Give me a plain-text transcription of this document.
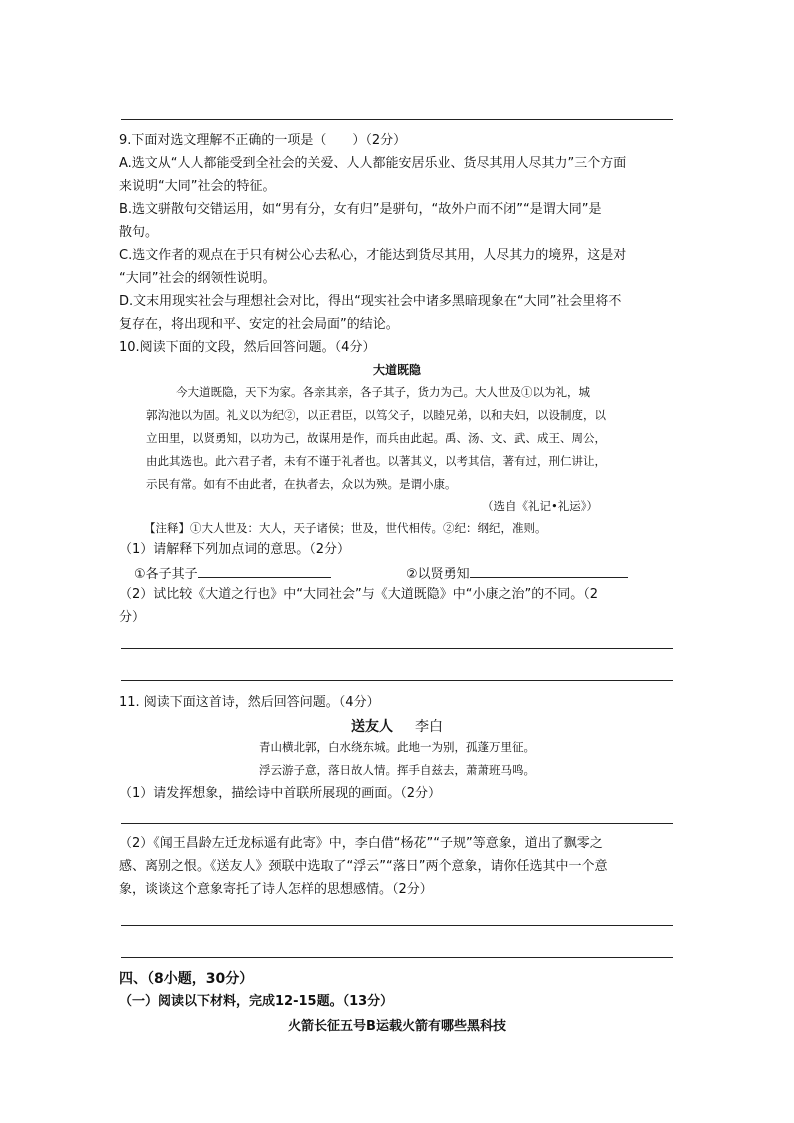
9.下面对选文理解不正确的一项是（　　）（2分）
A.选文从“人人都能受到全社会的关爱、人人都能安居乐业、货尽其用人尽其力”三个方面
来说明“大同”社会的特征。
B.选文骈散句交错运用，如“男有分，女有归”是骈句，“故外户而不闭”“是谓大同”是
散句。
C.选文作者的观点在于只有树公心去私心，才能达到货尽其用，人尽其力的境界，这是对
“大同”社会的纲领性说明。
D.文末用现实社会与理想社会对比，得出“现实社会中诸多黑暗现象在“大同”社会里将不
复存在，将出现和平、安定的社会局面”的结论。
10.阅读下面的文段，然后回答问题。（4分）
大道既隐
今大道既隐，天下为家。各亲其亲，各子其子，货力为己。大人世及①以为礼，城
郭沟池以为固。礼义以为纪②，以正君臣，以笃父子，以睦兄弟，以和夫妇，以设制度，以
立田里，以贤勇知，以功为己，故谋用是作，而兵由此起。禹、汤、文、武、成王、周公，
由此其选也。此六君子者，未有不谨于礼者也。以著其义，以考其信，著有过，刑仁讲让，
示民有常。如有不由此者，在执者去，众以为殃。是谓小康。
（选自《礼记•礼运》）
【注释】①大人世及：大人，天子诸侯；世及，世代相传。②纪：纲纪，准则。
（1）请解释下列加点词的意思。（2分）
①各子其子	②以贤勇知
（2）试比较《大道之行也》中“大同社会”与《大道既隐》中“小康之治”的不同。（2
分）
11. 阅读下面这首诗，然后回答问题。（4分）
送友人 李白
青山横北郭，白水绕东城。此地一为别，孤蓬万里征。
浮云游子意，落日故人情。挥手自兹去，萧萧班马鸣。
（1）请发挥想象，描绘诗中首联所展现的画面。（2分）
（2）《闻王昌龄左迁龙标遥有此寄》中，李白借“杨花”“子规”等意象，道出了飘零之
感、离别之恨。《送友人》颈联中选取了“浮云”“落日”两个意象，请你任选其中一个意
象，谈谈这个意象寄托了诗人怎样的思想感情。（2分）
四、（8小题，30分）
（一）阅读以下材料，完成12-15题。（13分）
火箭长征五号B运载火箭有哪些黑科技
